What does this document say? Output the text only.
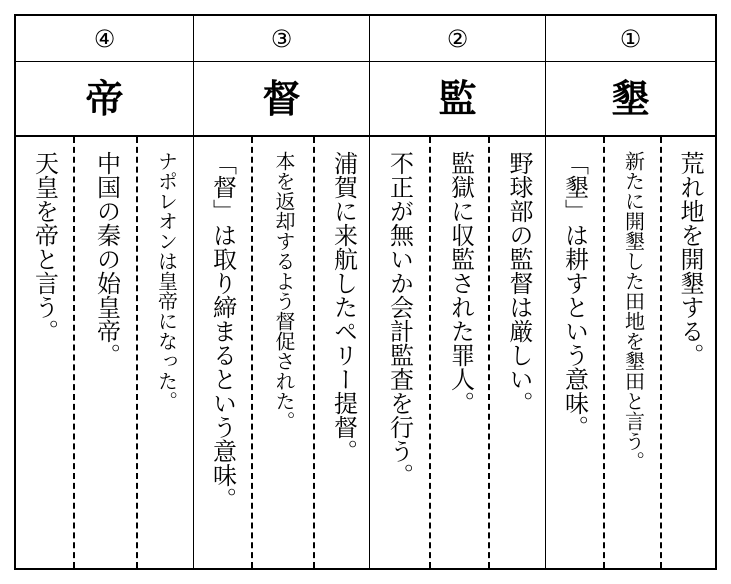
④
帝
天皇を帝と言う。 中国の秦の始皇帝。 ナポレオンは皇帝になった。
③
督
「督」は取り締まるという意味。 本を返却するよう督促された。 浦賀に来航したペリー提督。
②
監
不正が無いか会計監査を行う。 監獄に収監された罪人。 野球部の監督は厳しい。
①
墾
「墾」は耕すという意味。 新たに開墾した田地を墾田と言う。 荒れ地を開墾する。
